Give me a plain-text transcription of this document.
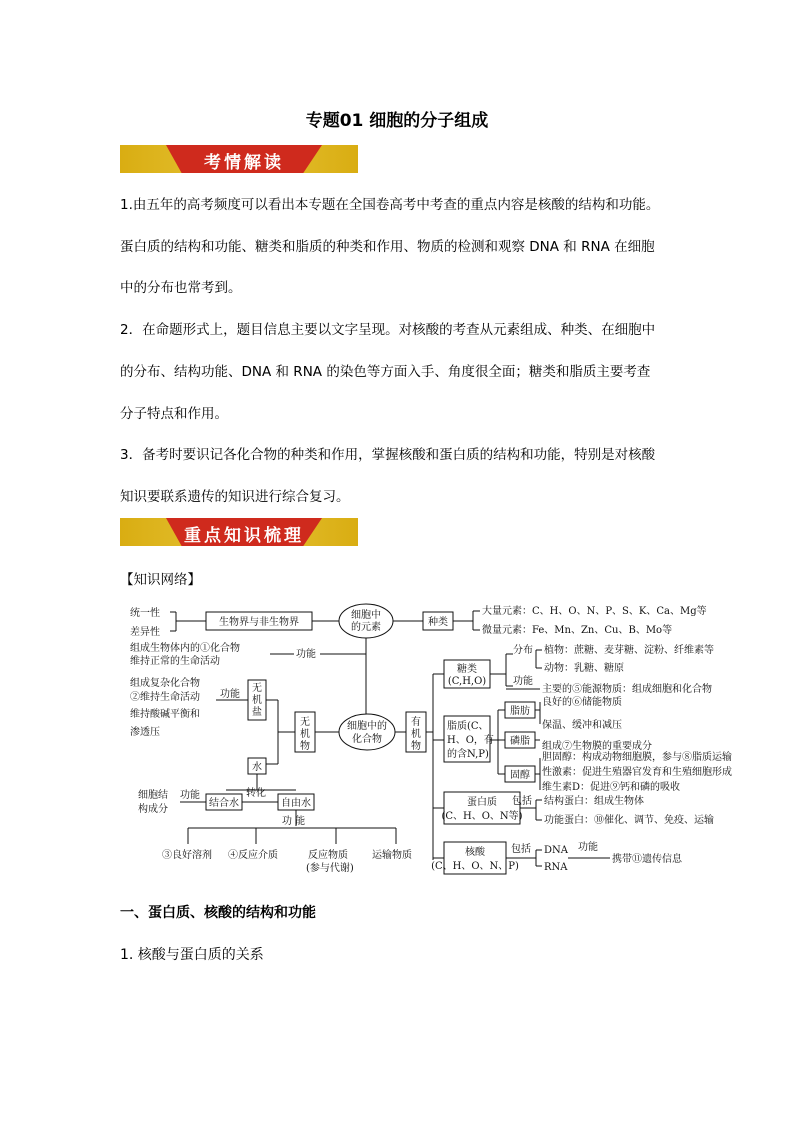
专题01 细胞的分子组成
考情解读
1.由五年的高考频度可以看出本专题在全国卷高考中考查的重点内容是核酸的结构和功能。
蛋白质的结构和功能、糖类和脂质的种类和作用、物质的检测和观察 DNA 和 RNA 在细胞
中的分布也常考到。
2．在命题形式上，题目信息主要以文字呈现。对核酸的考查从元素组成、种类、在细胞中
的分布、结构功能、DNA 和 RNA 的染色等方面入手、角度很全面；糖类和脂质主要考查
分子特点和作用。
3．备考时要识记各化合物的种类和作用，掌握核酸和蛋白质的结构和功能，特别是对核酸
知识要联系遗传的知识进行综合复习。
重点知识梳理
【知识网络】
统一性
差异性
生物界与非生物界
细胞中
的元素	种类
大量元素：C、H、O、N、P、S、K、Ca、Mg等
微量元素：Fe、Mn、Zn、Cu、B、Mo等
功能
组成生物体内的①化合物
维持正常的生命活动
组成复杂化合物
②维持生命活动
维持酸碱平衡和
渗透压
功能
无
机
盐
无
机
物
细胞中的
化合物
有
机
物
糖类
(C,H,O)
分布 植物：蔗糖、麦芽糖、淀粉、纤维素等
动物：乳糖、糖原
功能
主要的⑤能源物质：组成细胞和化合物
脂质(C、
H、O，有
的含N,P)
脂肪
磷脂
固醇
良好的⑥储能物质
保温、缓冲和减压
组成⑦生物膜的重要成分
胆固醇：构成动物细胞膜，参与⑧脂质运输
性激素：促进生殖器官发育和生殖细胞形成
维生素D：促进⑨钙和磷的吸收
蛋白质
(C、H、O、N等)
包括 结构蛋白：组成生物体
功能蛋白：⑩催化、调节、免疫、运输
核酸
(C、H、O、N、P)
包括 DNA
RNA
功能
携带⑪遗传信息
水
细胞结
构成分
功能
结合水
转化
自由水
功 能
③良好溶剂 ④反应介质	反应物质
(参与代谢)
运输物质
一、蛋白质、核酸的结构和功能
1. 核酸与蛋白质的关系
